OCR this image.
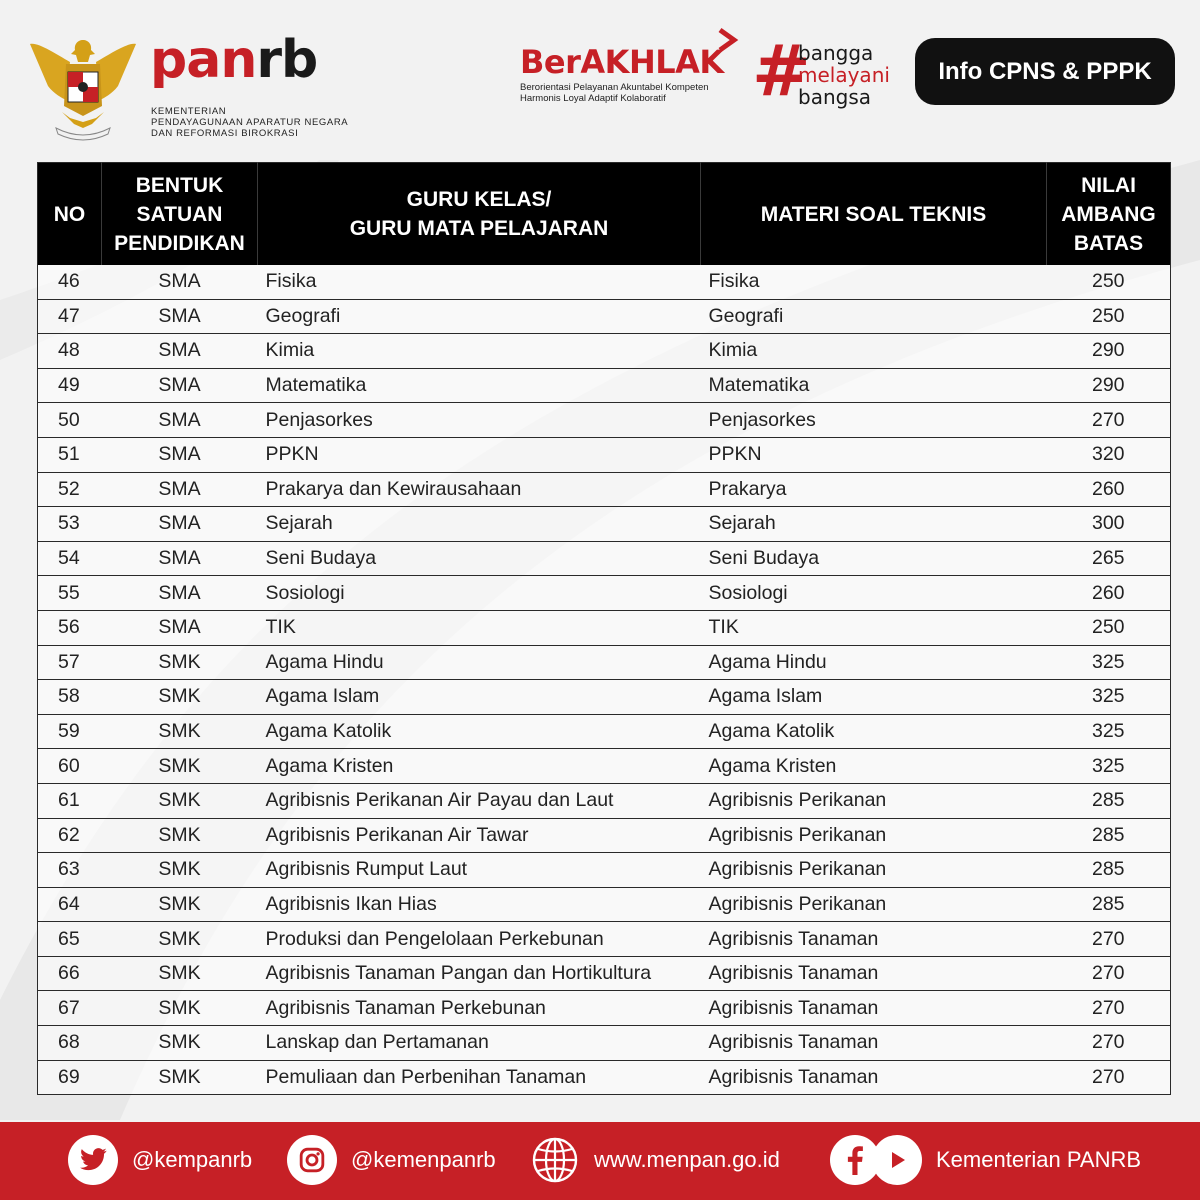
panrb
KEMENTERIAN
PENDAYAGUNAAN APARATUR NEGARA
DAN REFORMASI BIROKRASI
BerAKHLAK
Berorientasi Pelayanan Akuntabel Kompeten
Harmonis Loyal Adaptif Kolaboratif	#
bangga
melayani
bangsa
Info CPNS & PPPK
NO	BENTUK
SATUAN
PENDIDIKAN	GURU KELAS/
GURU MATA PELAJARAN	MATERI SOAL TEKNIS	NILAI
AMBANG
BATAS

46	SMA	Fisika	Fisika	250
47	SMA	Geografi	Geografi	250
48	SMA	Kimia	Kimia	290
49	SMA	Matematika	Matematika	290
50	SMA	Penjasorkes	Penjasorkes	270
51	SMA	PPKN	PPKN	320
52	SMA	Prakarya dan Kewirausahaan	Prakarya	260
53	SMA	Sejarah	Sejarah	300
54	SMA	Seni Budaya	Seni Budaya	265
55	SMA	Sosiologi	Sosiologi	260
56	SMA	TIK	TIK	250
57	SMK	Agama Hindu	Agama Hindu	325
58	SMK	Agama Islam	Agama Islam	325
59	SMK	Agama Katolik	Agama Katolik	325
60	SMK	Agama Kristen	Agama Kristen	325
61	SMK	Agribisnis Perikanan Air Payau dan Laut	Agribisnis Perikanan	285
62	SMK	Agribisnis Perikanan Air Tawar	Agribisnis Perikanan	285
63	SMK	Agribisnis Rumput Laut	Agribisnis Perikanan	285
64	SMK	Agribisnis Ikan Hias	Agribisnis Perikanan	285
65	SMK	Produksi dan Pengelolaan Perkebunan	Agribisnis Tanaman	270
66	SMK	Agribisnis Tanaman Pangan dan Hortikultura	Agribisnis Tanaman	270
67	SMK	Agribisnis Tanaman Perkebunan	Agribisnis Tanaman	270
68	SMK	Lanskap dan Pertamanan	Agribisnis Tanaman	270
69	SMK	Pemuliaan dan Perbenihan Tanaman	Agribisnis Tanaman	270
@kempanrb	@kemenpanrb	www.menpan.go.id	Kementerian PANRB
